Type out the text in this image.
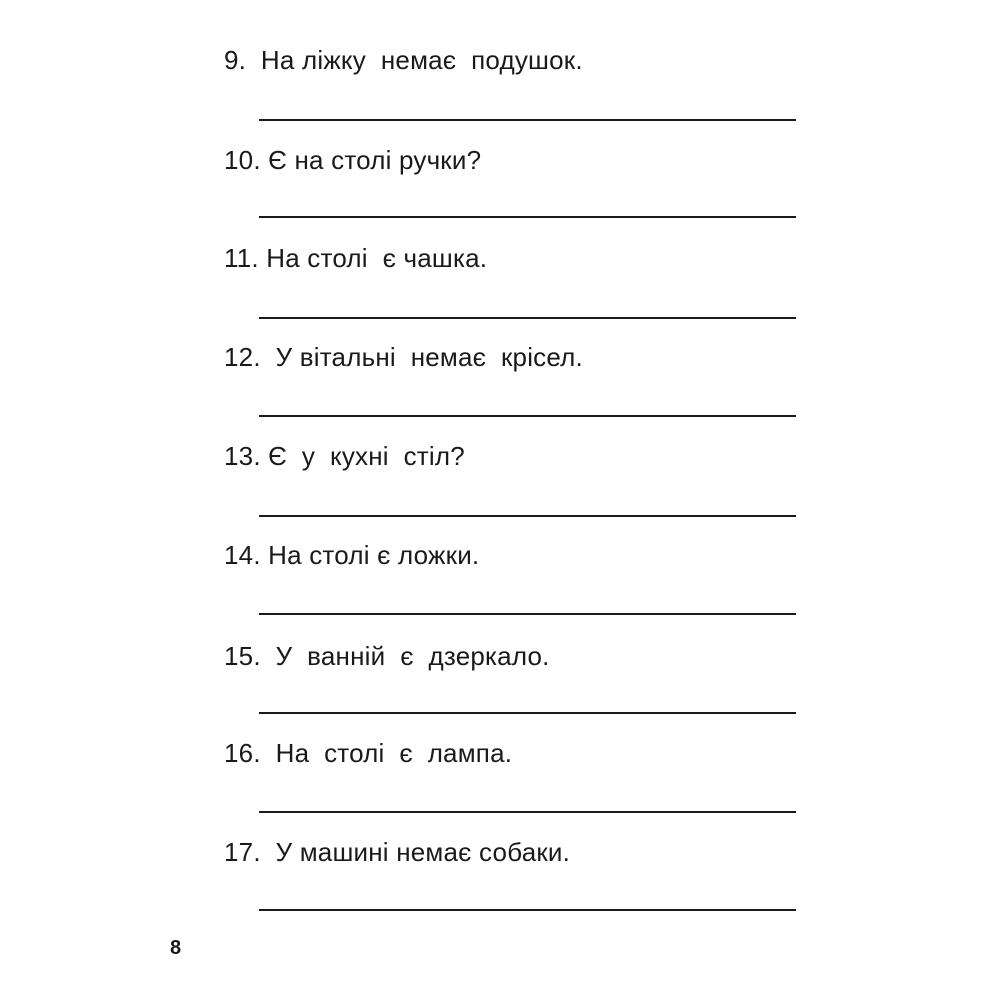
9.  На ліжку  немає  подушок.
10. Є на столі ручки?
11. На столі  є чашка.
12.  У вітальні  немає  крісел.
13. Є  у  кухні  стіл?
14. На столі є ложки.
15.  У  ванній  є  дзеркало.
16.  На  столі  є  лампа.
17.  У машині немає собаки.
8
